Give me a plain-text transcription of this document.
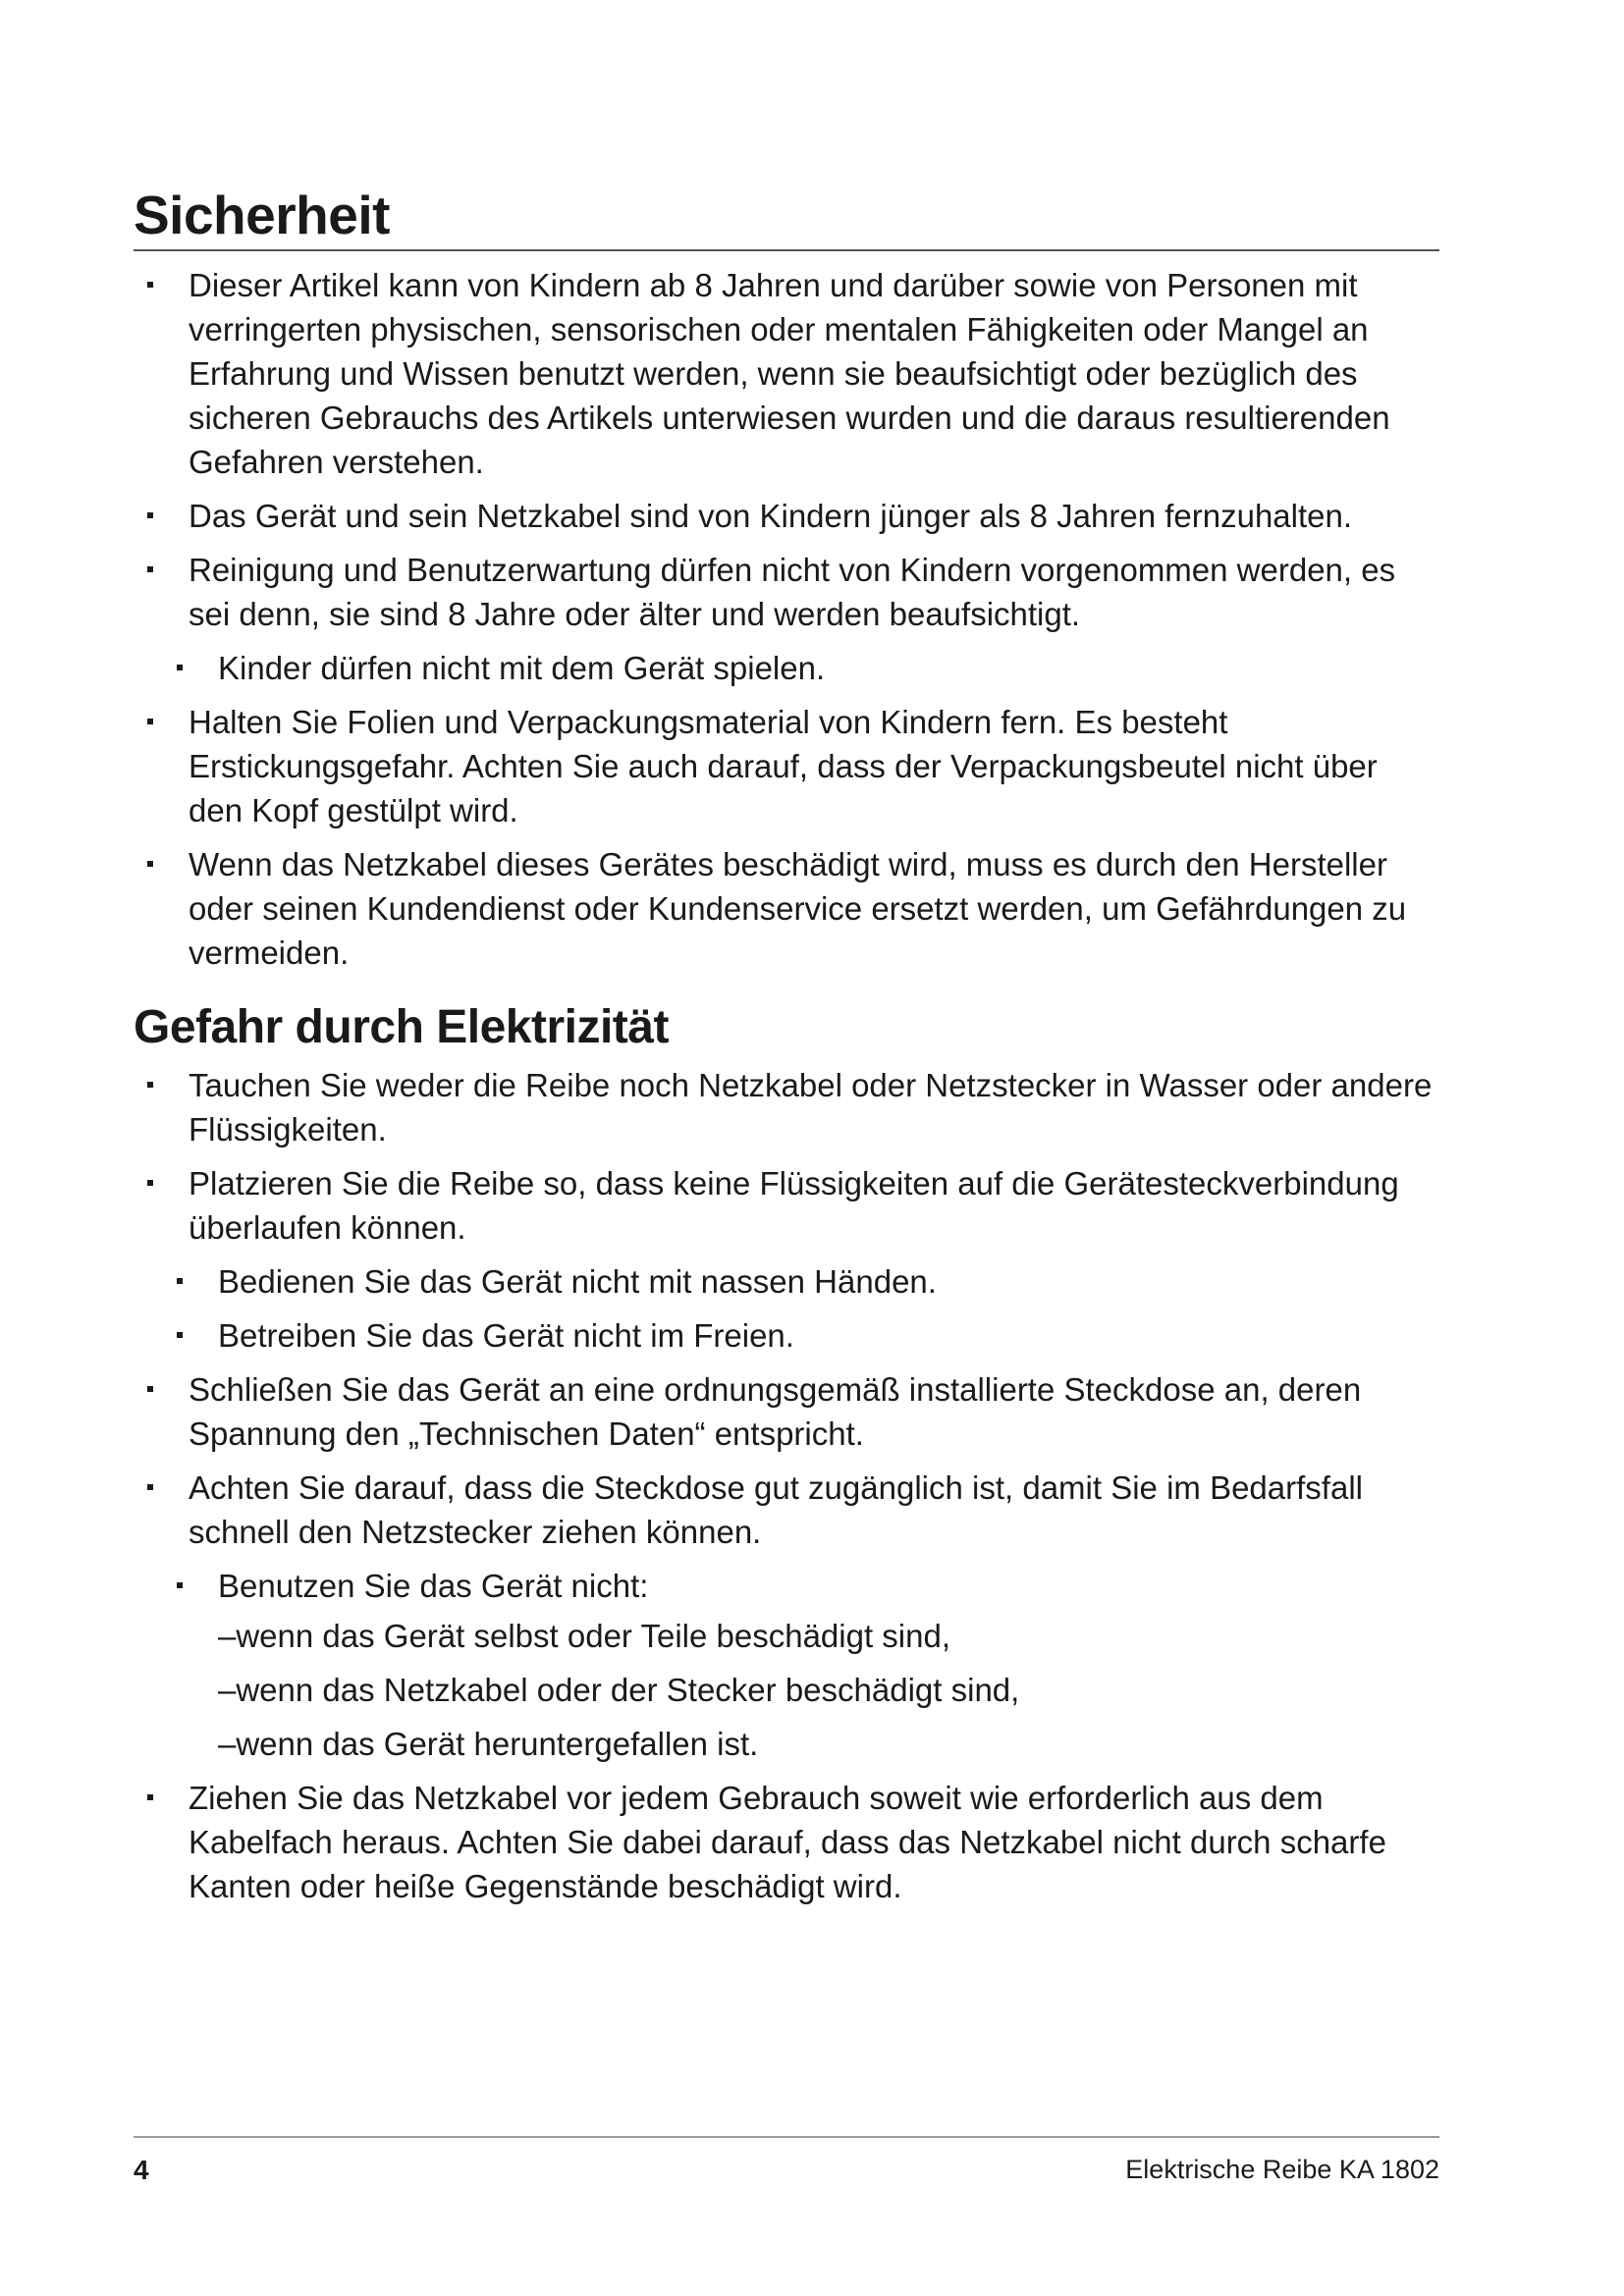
Sicherheit
Dieser Artikel kann von Kindern ab 8 Jahren und darüber sowie von Personen mit verringerten physischen, sensorischen oder mentalen Fähigkeiten oder Mangel an Erfahrung und Wissen benutzt werden, wenn sie beaufsichtigt oder bezüglich des sicheren Gebrauchs des Artikels unterwiesen wurden und die daraus resultierenden Gefahren verstehen.
Das Gerät und sein Netzkabel sind von Kindern jünger als 8 Jahren fernzuhalten.
Reinigung und Benutzerwartung dürfen nicht von Kindern vorgenommen werden, es sei denn, sie sind 8 Jahre oder älter und werden beaufsichtigt.
Kinder dürfen nicht mit dem Gerät spielen.
Halten Sie Folien und Verpackungsmaterial von Kindern fern. Es besteht Erstickungsgefahr. Achten Sie auch darauf, dass der Verpackungsbeutel nicht über den Kopf gestülpt wird.
Wenn das Netzkabel dieses Gerätes beschädigt wird, muss es durch den Hersteller oder seinen Kundendienst oder Kundenservice ersetzt werden, um Gefährdungen zu vermeiden.
Gefahr durch Elektrizität
Tauchen Sie weder die Reibe noch Netzkabel oder Netzstecker in Wasser oder andere Flüssigkeiten.
Platzieren Sie die Reibe so, dass keine Flüssigkeiten auf die Gerätesteckverbindung überlaufen können.
Bedienen Sie das Gerät nicht mit nassen Händen.
Betreiben Sie das Gerät nicht im Freien.
Schließen Sie das Gerät an eine ordnungsgemäß installierte Steckdose an, deren Spannung den „Technischen Daten“ entspricht.
Achten Sie darauf, dass die Steckdose gut zugänglich ist, damit Sie im Bedarfsfall schnell den Netzstecker ziehen können.
Benutzen Sie das Gerät nicht:
–wenn das Gerät selbst oder Teile beschädigt sind,
–wenn das Netzkabel oder der Stecker beschädigt sind,
–wenn das Gerät heruntergefallen ist.
Ziehen Sie das Netzkabel vor jedem Gebrauch soweit wie erforderlich aus dem Kabelfach heraus. Achten Sie dabei darauf, dass das Netzkabel nicht durch scharfe Kanten oder heiße Gegenstände beschädigt wird.
4	Elektrische Reibe KA 1802
